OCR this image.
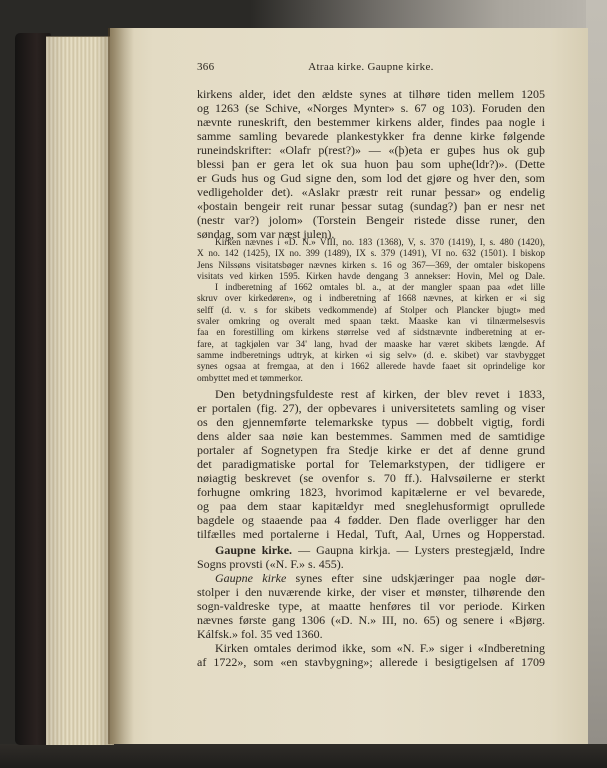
366	Atraa kirke. Gaupne kirke.
kirkens alder, idet den ældste synes at tilhøre tiden mellem 1205
og 1263 (se Schive, «Norges Mynter» s. 67 og 103). Foruden den
nævnte runeskrift, den bestemmer kirkens alder, findes paa nogle i
samme samling bevarede plankestykker fra denne kirke følgende
runeindskrifter: «Olafr p(rest?)» — «(þ)eta er guþes hus ok guþ
blessi þan er gera let ok sua huon þau som uphe(ldr?)». (Dette
er Guds hus og Gud signe den, som lod det gjøre og hver den, som
vedligeholder det). «Aslakr præstr reit runar þessar» og endelig
«þostain bengeir reit runar þessar sutag (sundag?) þan er nesr net
(nestr var?) jolom» (Torstein Bengeir ristede disse runer, den
søndag, som var næst julen).
Kirken nævnes i «D. N.» VIII, no. 183 (1368), V, s. 370 (1419), I, s. 480 (1420),
X no. 142 (1425), IX no. 399 (1489), IX s. 379 (1491), VI no. 632 (1501). I biskop
Jens Nilssøns visitatsbøger nævnes kirken s. 16 og 367—369, der omtaler biskopens
visitats ved kirken 1595. Kirken havde dengang 3 annekser: Hovin, Mel og Dale.
I indberetning af 1662 omtales bl. a., at der mangler spaan paa «det lille
skruv over kirkedøren», og i indberetning af 1668 nævnes, at kirken er «i sig
selff (d. v. s for skibets vedkommende) af Stolper och Plancker bjugt» med
svaler omkring og overalt med spaan tækt. Maaske kan vi tilnærmelsesvis
faa en forestilling om kirkens størrelse ved af sidstnævnte indberetning at er-
fare, at tagkjølen var 34' lang, hvad der maaske har været skibets længde. Af
samme indberetnings udtryk, at kirken «i sig selv» (d. e. skibet) var stavbygget
synes ogsaa at fremgaa, at den i 1662 allerede havde faaet sit oprindelige kor
ombyttet med et tømmerkor.
Den betydningsfuldeste rest af kirken, der blev revet i 1833,
er portalen (fig. 27), der opbevares i universitetets samling og viser
os den gjennemførte telemarkske typus — dobbelt vigtig, fordi
dens alder saa nøie kan bestemmes. Sammen med de samtidige
portaler af Sognetypen fra Stedje kirke er det af denne grund
det paradigmatiske portal for Telemarkstypen, der tidligere er
nøiagtig beskrevet (se ovenfor s. 70 ff.). Halvsøilerne er sterkt
forhugne omkring 1823, hvorimod kapitælerne er vel bevarede,
og paa dem staar kapitældyr med sneglehusformigt oprullede
bagdele og staaende paa 4 fødder. Den flade overligger har den
tilfælles med portalerne i Hedal, Tuft, Aal, Urnes og Hopperstad.
Gaupne kirke. — Gaupna kirkja. — Lysters prestegjæld, Indre
Sogns provsti («N. F.» s. 455).
Gaupne kirke synes efter sine udskjæringer paa nogle dør-
stolper i den nuværende kirke, der viser et mønster, tilhørende den
sogn-valdreske type, at maatte henføres til vor periode. Kirken
nævnes første gang 1306 («D. N.» III, no. 65) og senere i «Bjørg.
Kálfsk.» fol. 35 ved 1360.
Kirken omtales derimod ikke, som «N. F.» siger i «Indberetning
af 1722», som «en stavbygning»; allerede i besigtigelsen af 1709
